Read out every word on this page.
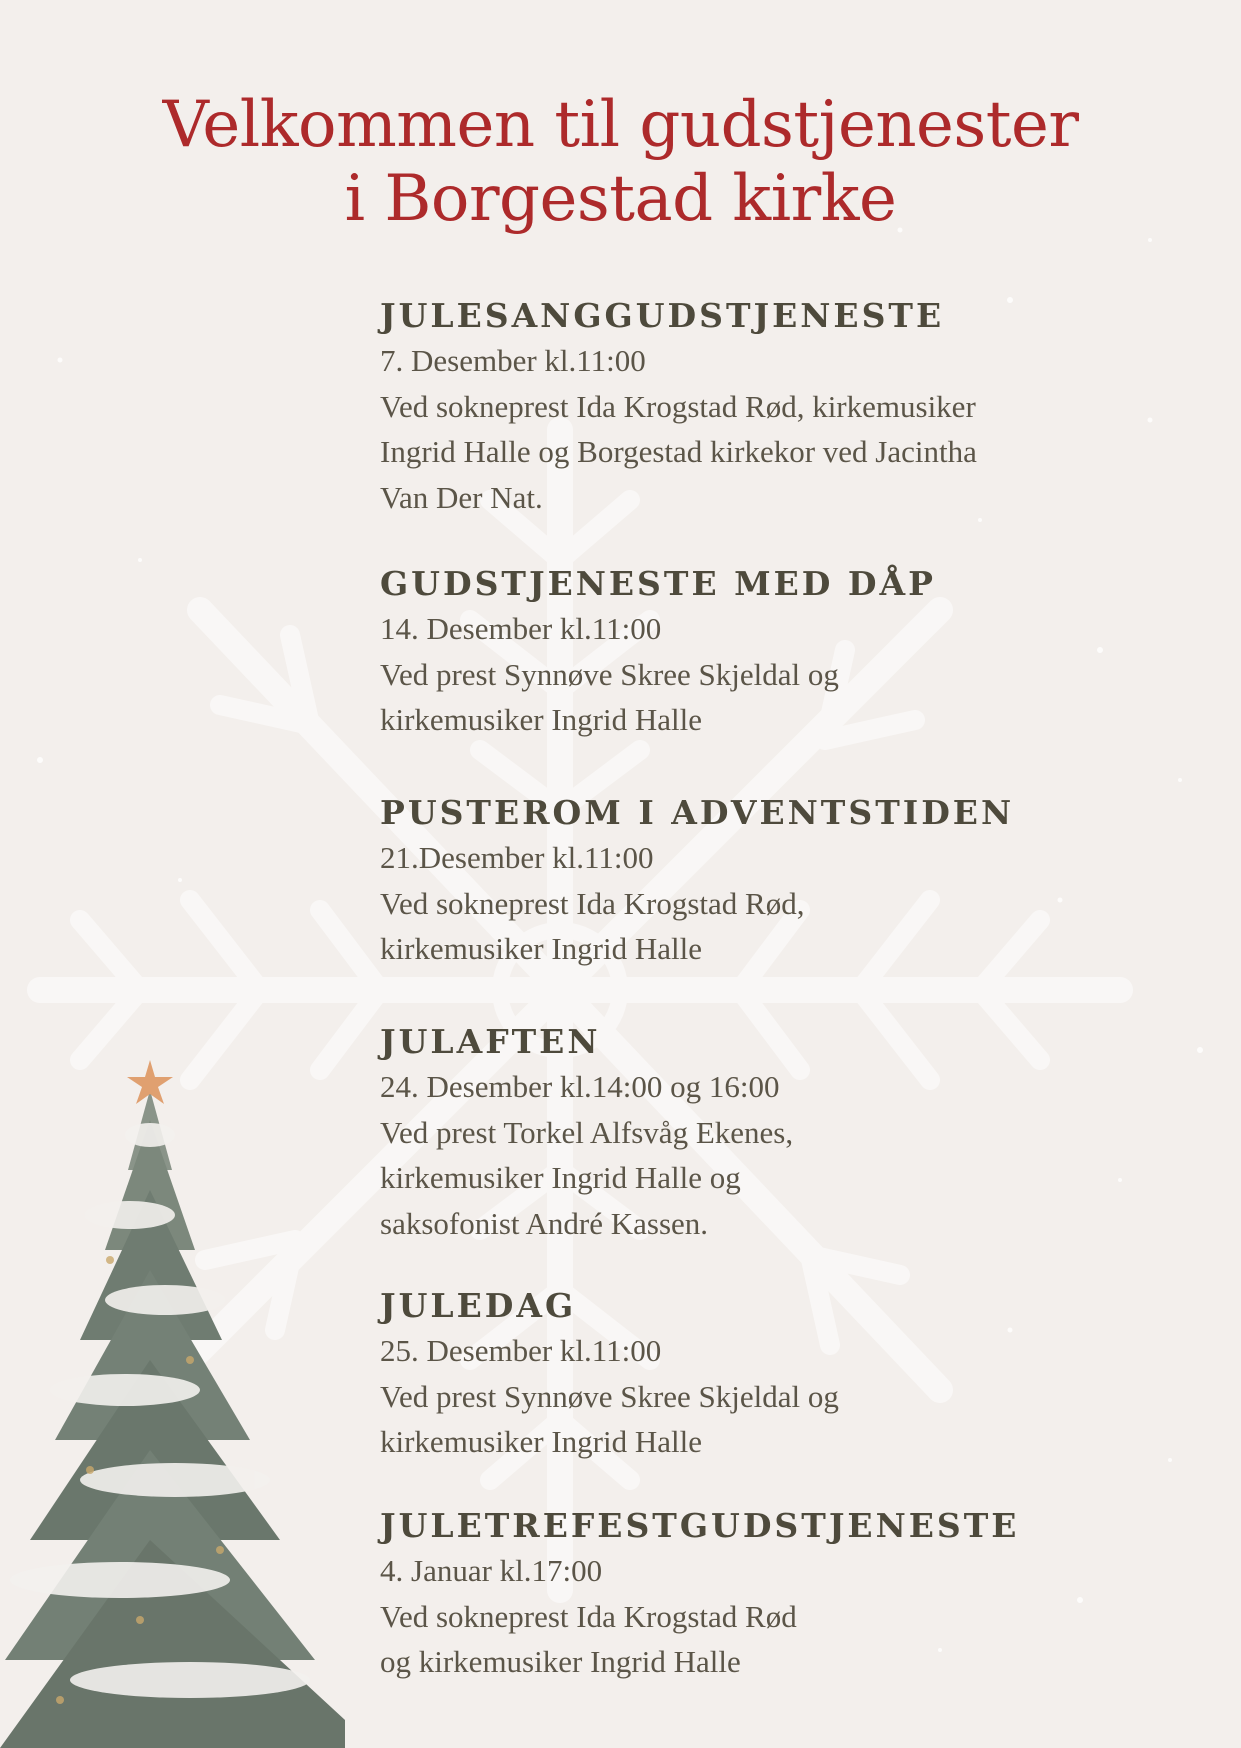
Velkommen til gudstjenester
i Borgestad kirke
JULESANGGUDSTJENESTE
7. Desember kl.11:00
Ved sokneprest Ida Krogstad Rød, kirkemusiker
Ingrid Halle og Borgestad kirkekor ved Jacintha
Van Der Nat.
GUDSTJENESTE MED DÅP
14. Desember kl.11:00
Ved prest Synnøve Skree Skjeldal og
kirkemusiker Ingrid Halle
PUSTEROM I ADVENTSTIDEN
21.Desember kl.11:00
Ved sokneprest Ida Krogstad Rød,
kirkemusiker Ingrid Halle
JULAFTEN
24. Desember kl.14:00 og 16:00
Ved prest Torkel Alfsvåg Ekenes,
kirkemusiker Ingrid Halle og
saksofonist André Kassen.
JULEDAG
25. Desember kl.11:00
Ved prest Synnøve Skree Skjeldal og
kirkemusiker Ingrid Halle
JULETREFESTGUDSTJENESTE
4. Januar kl.17:00
Ved sokneprest Ida Krogstad Rød
og kirkemusiker Ingrid Halle
